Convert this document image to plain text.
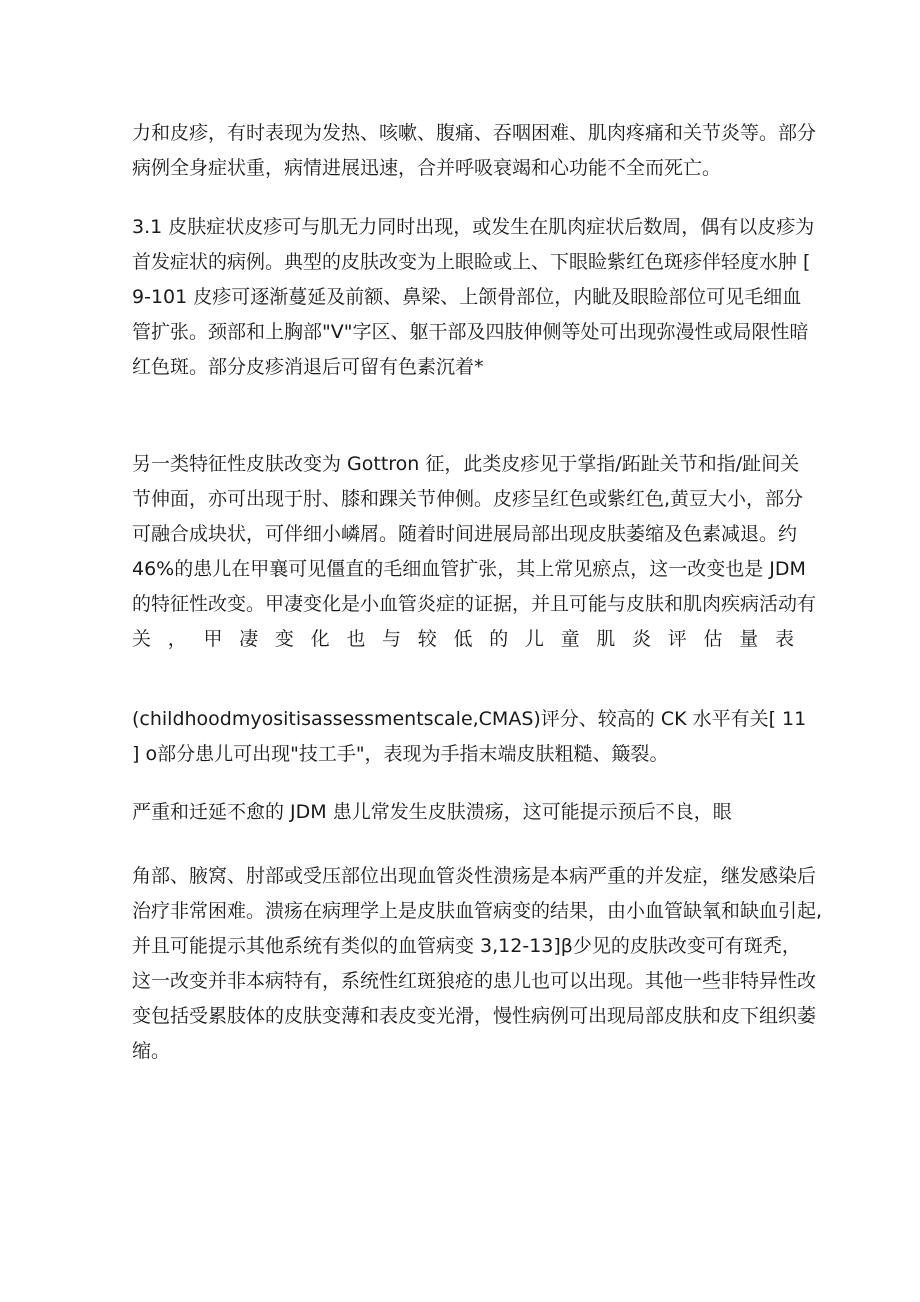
力和皮疹，有时表现为发热、咳嗽、腹痛、吞咽困难、肌肉疼痛和关节炎等。部分
病例全身症状重，病情进展迅速，合并呼吸衰竭和心功能不全而死亡。
3.1 皮肤症状皮疹可与肌无力同时出现，或发生在肌肉症状后数周，偶有以皮疹为
首发症状的病例。典型的皮肤改变为上眼睑或上、下眼睑紫红色斑疹伴轻度水肿 [
9-101 皮疹可逐渐蔓延及前额、鼻梁、上颌骨部位，内眦及眼睑部位可见毛细血
管扩张。颈部和上胸部"V"字区、躯干部及四肢伸侧等处可出现弥漫性或局限性暗
红色斑。部分皮疹消退后可留有色素沉着*
另一类特征性皮肤改变为 Gottron 征，此类皮疹见于掌指/跖趾关节和指/趾间关
节伸面，亦可出现于肘、膝和踝关节伸侧。皮疹呈红色或紫红色,黄豆大小，部分
可融合成块状，可伴细小嶙屑。随着时间进展局部出现皮肤萎缩及色素减退。约
46%的患儿在甲襄可见僵直的毛细血管扩张，其上常见瘀点，这一改变也是 JDM
的特征性改变。甲凄变化是小血管炎症的证据，并且可能与皮肤和肌肉疾病活动有
关 ， 甲 凄 变 化 也 与 较 低 的 儿 童 肌 炎 评 估 量 表
(childhoodmyositisassessmentscale,CMAS)评分、较高的 CK 水平有关[ 11
] o部分患儿可出现"技工手"，表现为手指末端皮肤粗糙、簸裂。
严重和迁延不愈的 JDM 患儿常发生皮肤溃疡，这可能提示预后不良，眼
角部、腋窝、肘部或受压部位出现血管炎性溃疡是本病严重的并发症，继发感染后
治疗非常困难。溃疡在病理学上是皮肤血管病变的结果，由小血管缺氧和缺血引起,
并且可能提示其他系统有类似的血管病变 3,12-13]β少见的皮肤改变可有斑秃，
这一改变并非本病特有，系统性红斑狼疮的患儿也可以出现。其他一些非特异性改
变包括受累肢体的皮肤变薄和表皮变光滑，慢性病例可出现局部皮肤和皮下组织萎
缩。
